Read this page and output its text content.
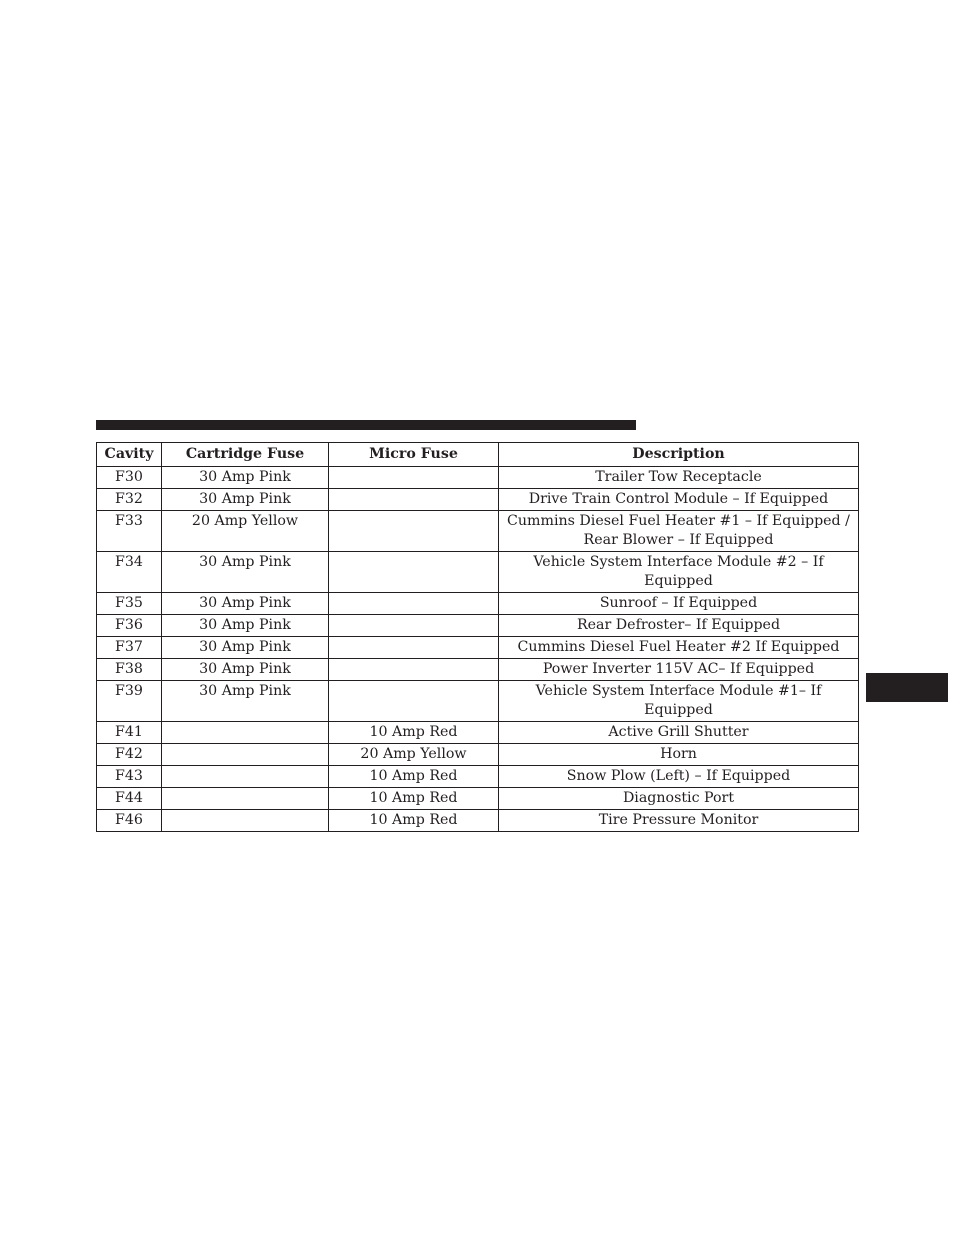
Cavity	Cartridge Fuse	Micro Fuse	Description
F30	30 Amp Pink		Trailer Tow Receptacle
F32	30 Amp Pink		Drive Train Control Module – If Equipped
F33	20 Amp Yellow		Cummins Diesel Fuel Heater #1 – If Equipped /
Rear Blower – If Equipped
F34	30 Amp Pink		Vehicle System Interface Module #2 – If Equipped
F35	30 Amp Pink		Sunroof – If Equipped
F36	30 Amp Pink		Rear Defroster– If Equipped
F37	30 Amp Pink		Cummins Diesel Fuel Heater #2 If Equipped
F38	30 Amp Pink		Power Inverter 115V AC– If Equipped
F39	30 Amp Pink		Vehicle System Interface Module #1– If Equipped
F41		10 Amp Red	Active Grill Shutter
F42		20 Amp Yellow	Horn
F43		10 Amp Red	Snow Plow (Left) – If Equipped
F44		10 Amp Red	Diagnostic Port
F46		10 Amp Red	Tire Pressure Monitor
